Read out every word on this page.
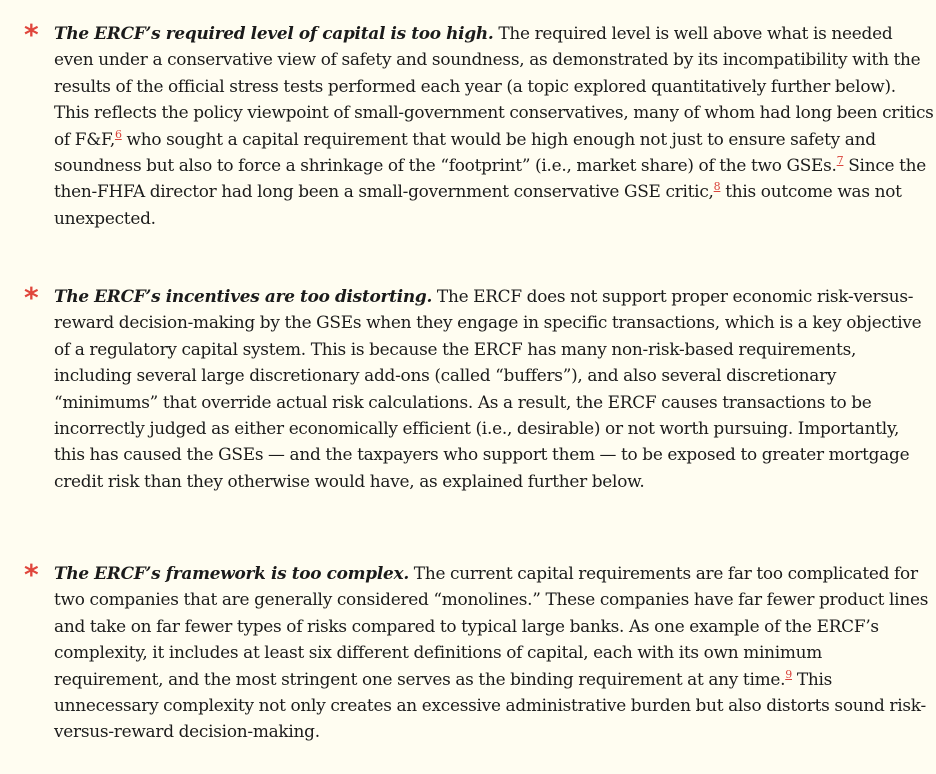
* The ERCF’s required level of capital is too high. The required level is well above what is needed even under a conservative view of safety and soundness, as demonstrated by its incompatibility with the results of the official stress tests performed each year (a topic explored quantitatively further below). This reflects the policy viewpoint of small-government conservatives, many of whom had long been critics of F&F,$^6$ who sought a capital requirement that would be high enough not just to ensure safety and soundness but also to force a shrinkage of the “footprint” (i.e., market share) of the two GSEs.$^7$ Since the then-FHFA director had long been a small-government conservative GSE critic,$^8$ this outcome was not unexpected.

* The ERCF’s incentives are too distorting. The ERCF does not support proper economic risk-versus-reward decision-making by the GSEs when they engage in specific transactions, which is a key objective of a regulatory capital system. This is because the ERCF has many non-risk-based requirements, including several large discretionary add-ons (called “buffers”), and also several discretionary “minimums” that override actual risk calculations. As a result, the ERCF causes transactions to be incorrectly judged as either economically efficient (i.e., desirable) or not worth pursuing. Importantly, this has caused the GSEs — and the taxpayers who support them — to be exposed to greater mortgage credit risk than they otherwise would have, as explained further below.

* The ERCF’s framework is too complex. The current capital requirements are far too complicated for two companies that are generally considered “monolines.” These companies have far fewer product lines and take on far fewer types of risks compared to typical large banks. As one example of the ERCF’s complexity, it includes at least six different definitions of capital, each with its own minimum requirement, and the most stringent one serves as the binding requirement at any time.$^9$ This unnecessary complexity not only creates an excessive administrative burden but also distorts sound risk-versus-reward decision-making.
